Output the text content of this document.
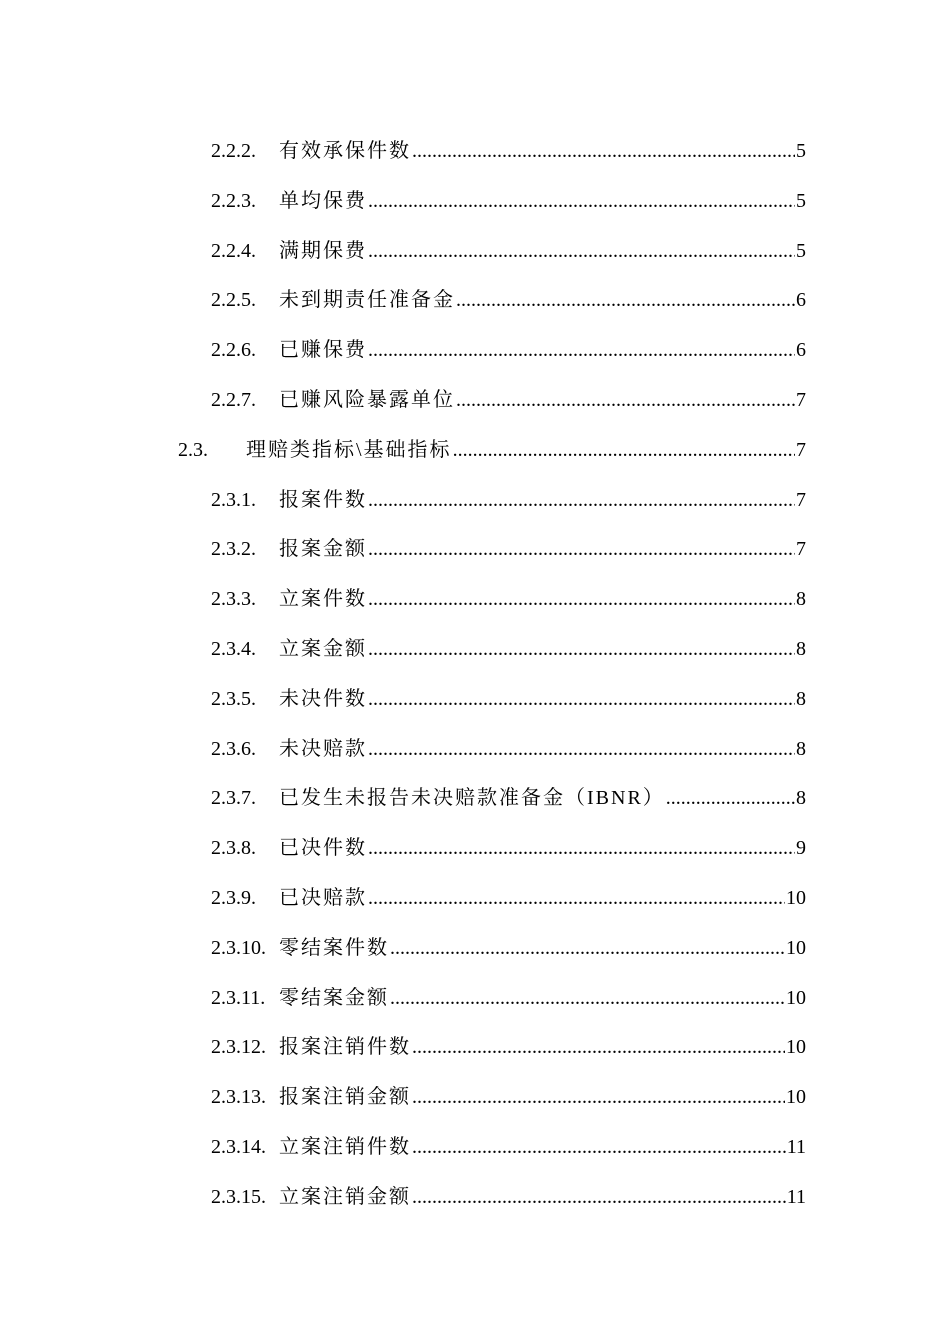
2.2.2.	有效承保件数 .....	5
2.2.3.	单均保费 .....	5
2.2.4.	满期保费 .....	5
2.2.5.	未到期责任准备金 .....	6
2.2.6.	已赚保费 .....	6
2.2.7.	已赚风险暴露单位 .....	7
2.3.	理赔类指标\基础指标 .....	7
2.3.1.	报案件数 .....	7
2.3.2.	报案金额 .....	7
2.3.3.	立案件数 .....	8
2.3.4.	立案金额 .....	8
2.3.5.	未决件数 .....	8
2.3.6.	未决赔款 .....	8
2.3.7.	已发生未报告未决赔款准备金（IBNR） .....	8
2.3.8.	已决件数 .....	9
2.3.9.	已决赔款 .....	10
2.3.10. 零结案件数 .....	10
2.3.11. 零结案金额 .....	10
2.3.12. 报案注销件数 .....	10
2.3.13. 报案注销金额 .....	10
2.3.14. 立案注销件数 .....	11
2.3.15. 立案注销金额 .....	11
